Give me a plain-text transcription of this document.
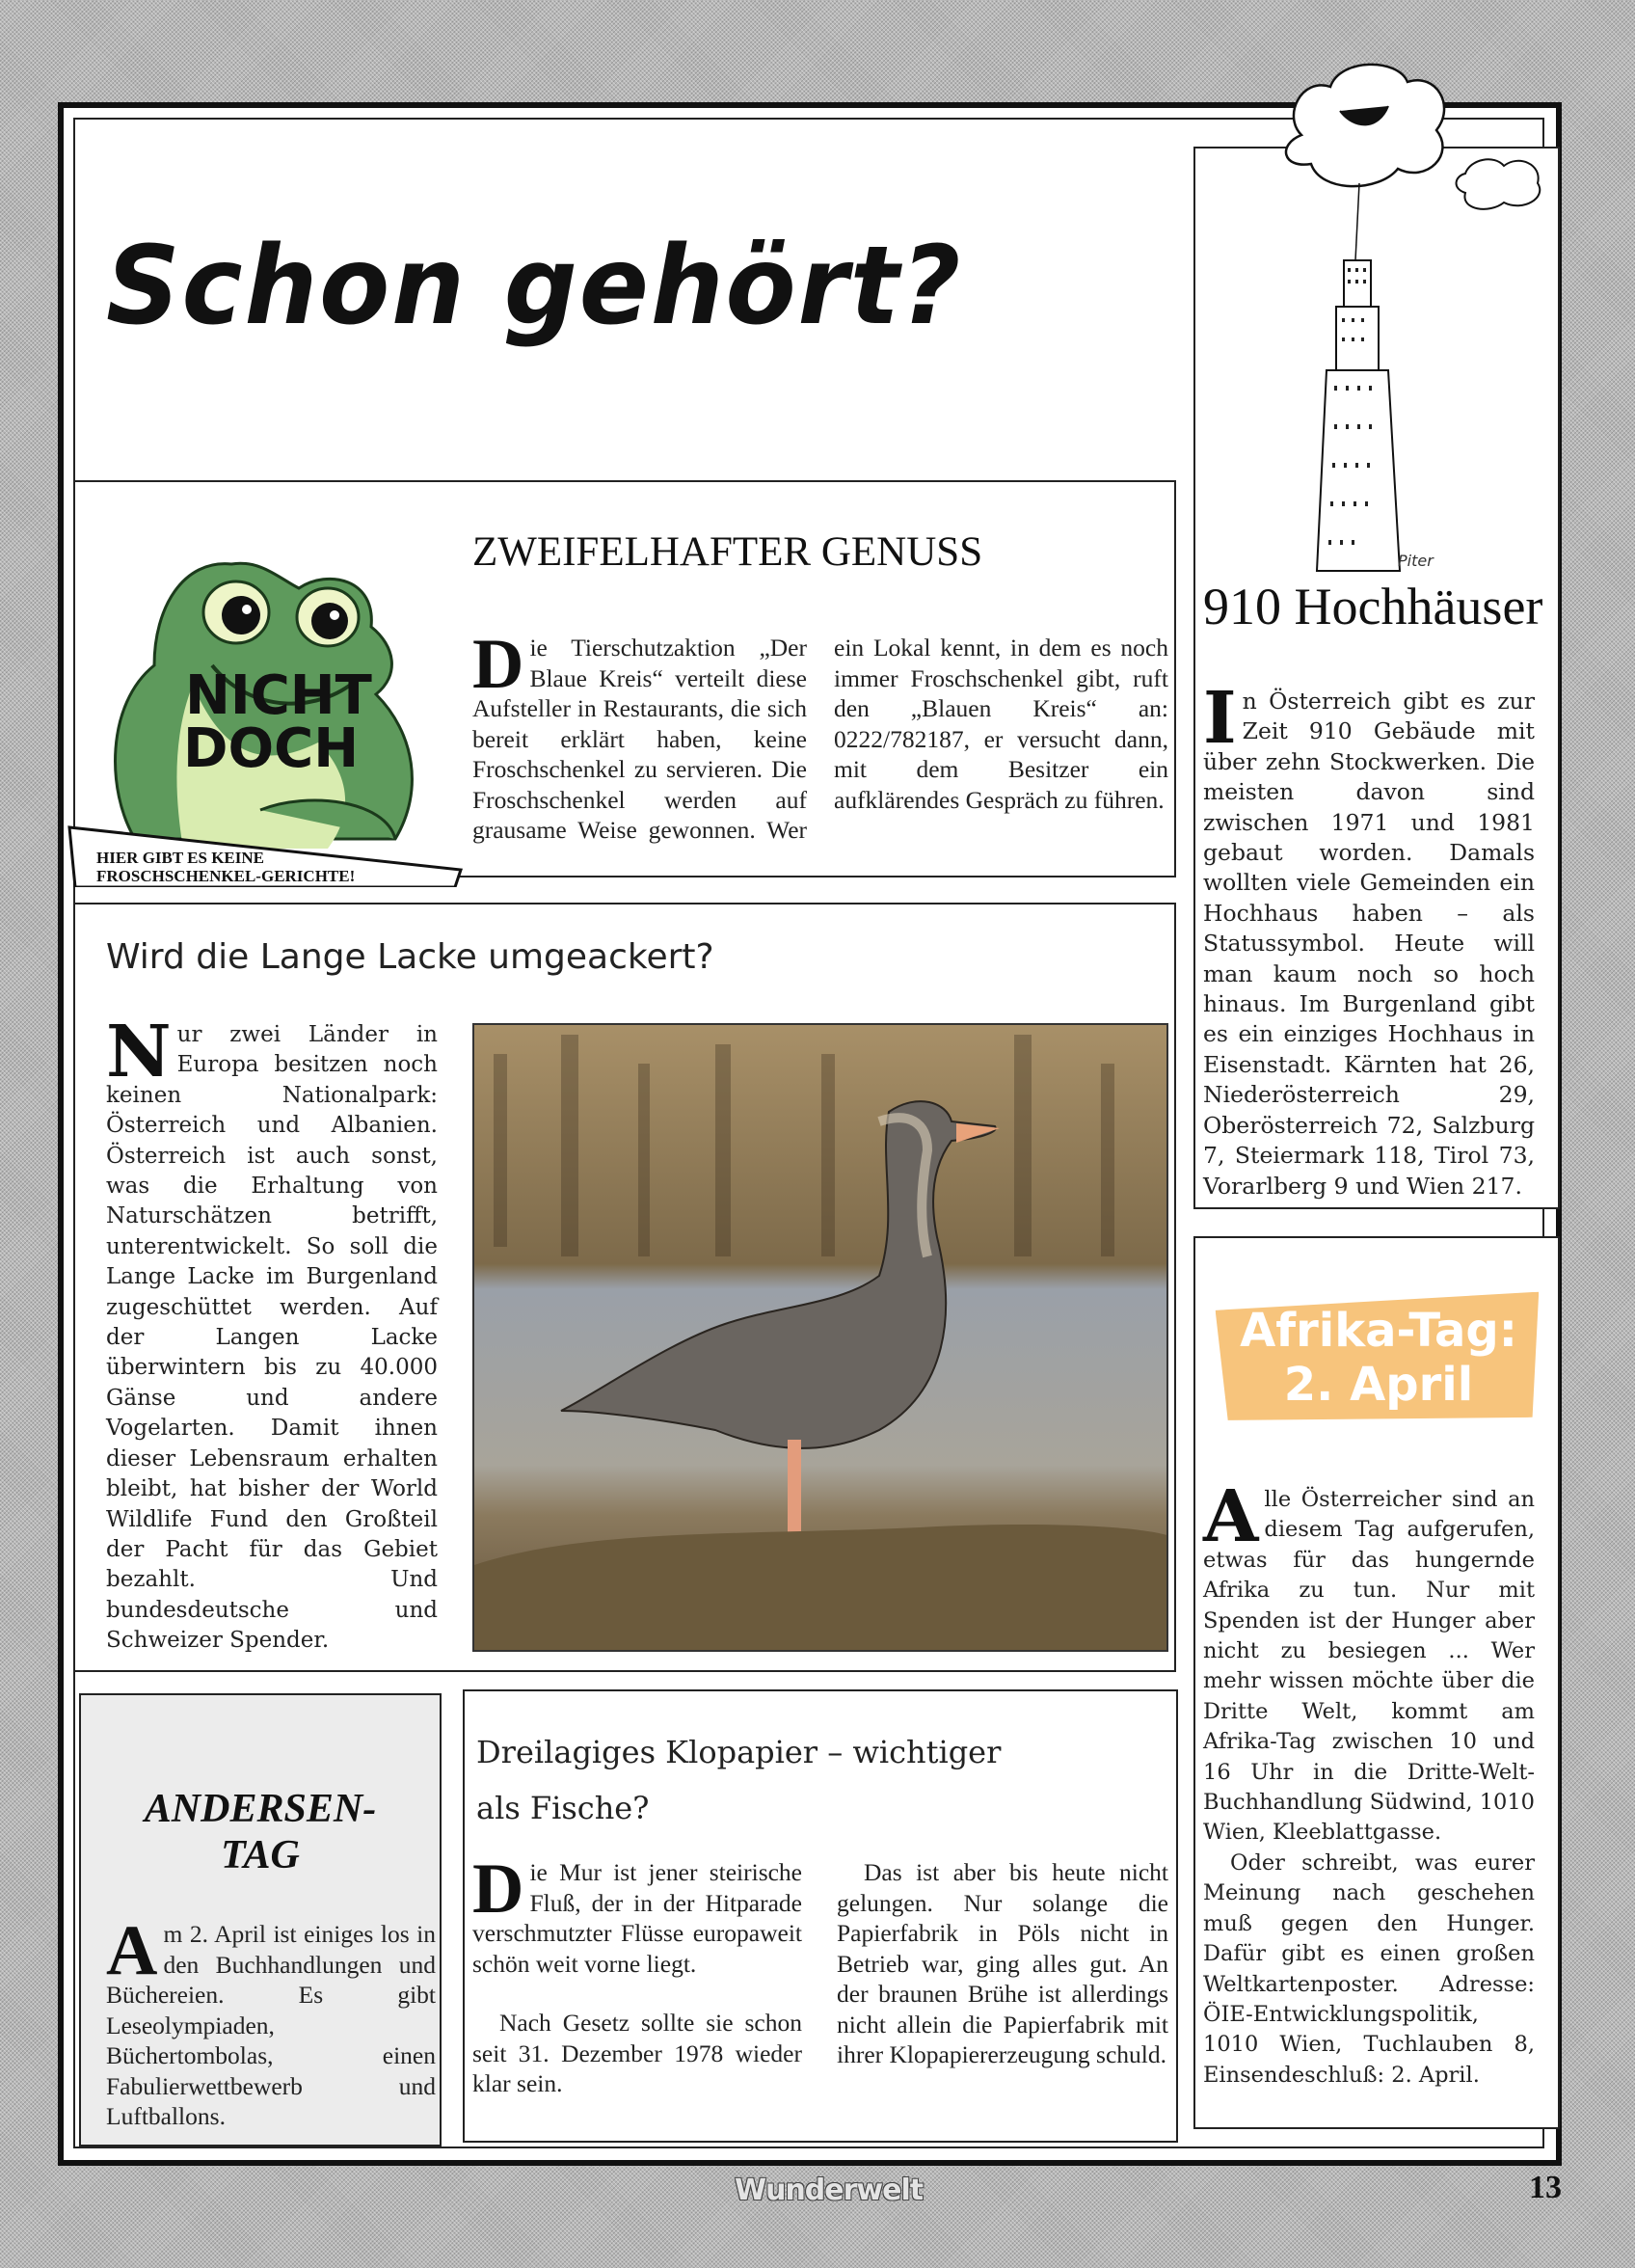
Schon gehört?
NICHT
DOCH
HIER GIBT ES KEINE
FROSCHSCHENKEL-GERICHTE!
ZWEIFELHAFTER GENUSS
Die Tierschutzaktion „Der Blaue Kreis“ verteilt diese Aufsteller in Restaurants, die sich bereit erklärt haben, keine Froschschenkel zu servieren. Die Froschschenkel werden auf grausame Weise gewonnen. Wer ein Lokal kennt, in dem es noch immer Froschschenkel gibt, ruft den „Blauen Kreis“ an: 0222/782187, er versucht dann, mit dem Besitzer ein aufklärendes Gespräch zu führen.
Piter
910 Hochhäuser
In Österreich gibt es zur Zeit 910 Gebäude mit über zehn Stockwerken. Die meisten davon sind zwischen 1971 und 1981 gebaut worden. Damals wollten viele Gemeinden ein Hochhaus haben – als Statussymbol. Heute will man kaum noch so hoch hinaus. Im Burgenland gibt es ein einziges Hochhaus in Eisenstadt. Kärnten hat 26, Niederösterreich 29, Oberösterreich 72, Salzburg 7, Steiermark 118, Tirol 73, Vorarlberg 9 und Wien 217.
Wird die Lange Lacke umgeackert?
Nur zwei Länder in Europa besitzen noch keinen Nationalpark: Österreich und Albanien. Österreich ist auch sonst, was die Erhaltung von Naturschätzen betrifft, unterentwickelt. So soll die Lange Lacke im Burgenland zugeschüttet werden. Auf der Langen Lacke überwintern bis zu 40.000 Gänse und andere Vogelarten. Damit ihnen dieser Lebensraum erhalten bleibt, hat bisher der World Wildlife Fund den Großteil der Pacht für das Gebiet bezahlt. Und bundesdeutsche und Schweizer Spender.
Afrika-Tag:
2. April

Alle Österreicher sind an diesem Tag aufgerufen, etwas für das hungernde Afrika zu tun. Nur mit Spenden ist der Hunger aber nicht zu besiegen ... Wer mehr wissen möchte über die Dritte Welt, kommt am Afrika-Tag zwischen 10 und 16 Uhr in die Dritte-Welt-Buchhandlung Südwind, 1010 Wien, Kleeblattgasse.

Oder schreibt, was eurer Meinung nach geschehen muß gegen den Hunger. Dafür gibt es einen großen Weltkartenposter. Adresse: ÖIE-Entwicklungspolitik, 1010 Wien, Tuchlauben 8, Einsendeschluß: 2. April.

ANDERSEN-
TAG
Am 2. April ist einiges los in den Buchhandlungen und Büchereien. Es gibt Leseolympiaden, Büchertombolas, einen Fabulierwettbewerb und Luftballons.
Dreilagiges Klopapier – wichtiger
als Fische?

Die Mur ist jener steirische Fluß, der in der Hitparade verschmutzter Flüsse europaweit schön weit vorne liegt.

Nach Gesetz sollte sie schon seit 31. Dezember 1978 wieder klar sein.

Das ist aber bis heute nicht gelungen. Nur solange die Papierfabrik in Pöls nicht in Betrieb war, ging alles gut. An der braunen Brühe ist allerdings nicht allein die Papierfabrik mit ihrer Klopapiererzeugung schuld.

Wunderwelt	13
